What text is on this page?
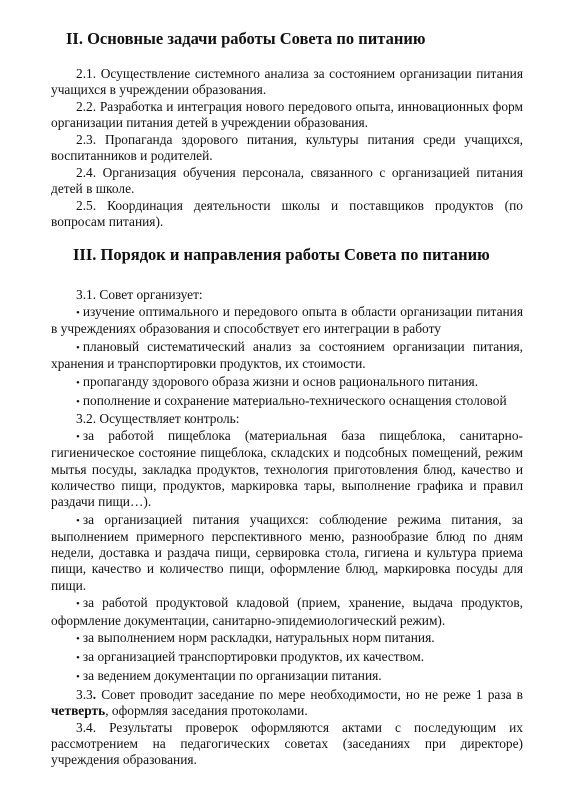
II. Основные задачи работы Совета по питанию

2.1. Осуществление системного анализа за состоянием организации питания учащихся в учреждении образования.

2.2. Разработка и интеграция нового передового опыта, инновационных форм организации питания детей в учреждении образования.

2.3. Пропаганда здорового питания, культуры питания среди учащихся, воспитанников и родителей.

2.4. Организация обучения персонала, связанного с организацией питания детей в школе.

2.5. Координация деятельности школы и поставщиков продуктов (по вопросам питания).

III. Порядок и направления работы Совета по питанию

3.1. Совет организует:

• изучение оптимального и передового опыта в области организации питания в учреждениях образования и способствует его интеграции в работу

• плановый систематический анализ за состоянием организации питания, хранения и транспортировки продуктов, их стоимости.

• пропаганду здорового образа жизни и основ рационального питания.

• пополнение и сохранение материально-технического оснащения столовой

3.2. Осуществляет контроль:

• за работой пищеблока (материальная база пищеблока, санитарно-гигиеническое состояние пищеблока, складских и подсобных помещений, режим мытья посуды, закладка продуктов, технология приготовления блюд, качество и количество пищи, продуктов, маркировка тары, выполнение графика и правил раздачи пищи…).

• за организацией питания учащихся: соблюдение режима питания, за выполнением примерного перспективного меню, разнообразие блюд по дням недели, доставка и раздача пищи, сервировка стола, гигиена и культура приема пищи, качество и количество пищи, оформление блюд, маркировка посуды для пищи.

• за работой продуктовой кладовой (прием, хранение, выдача продуктов, оформление документации, санитарно-эпидемиологический режим).

• за выполнением норм раскладки, натуральных норм питания.

• за организацией транспортировки продуктов, их качеством.

• за ведением документации по организации питания.

3.3. Совет проводит заседание по мере необходимости, но не реже 1 раза в четверть, оформляя заседания протоколами.

3.4. Результаты проверок оформляются актами с последующим их рассмотрением на педагогических советах (заседаниях при директоре) учреждения образования.
